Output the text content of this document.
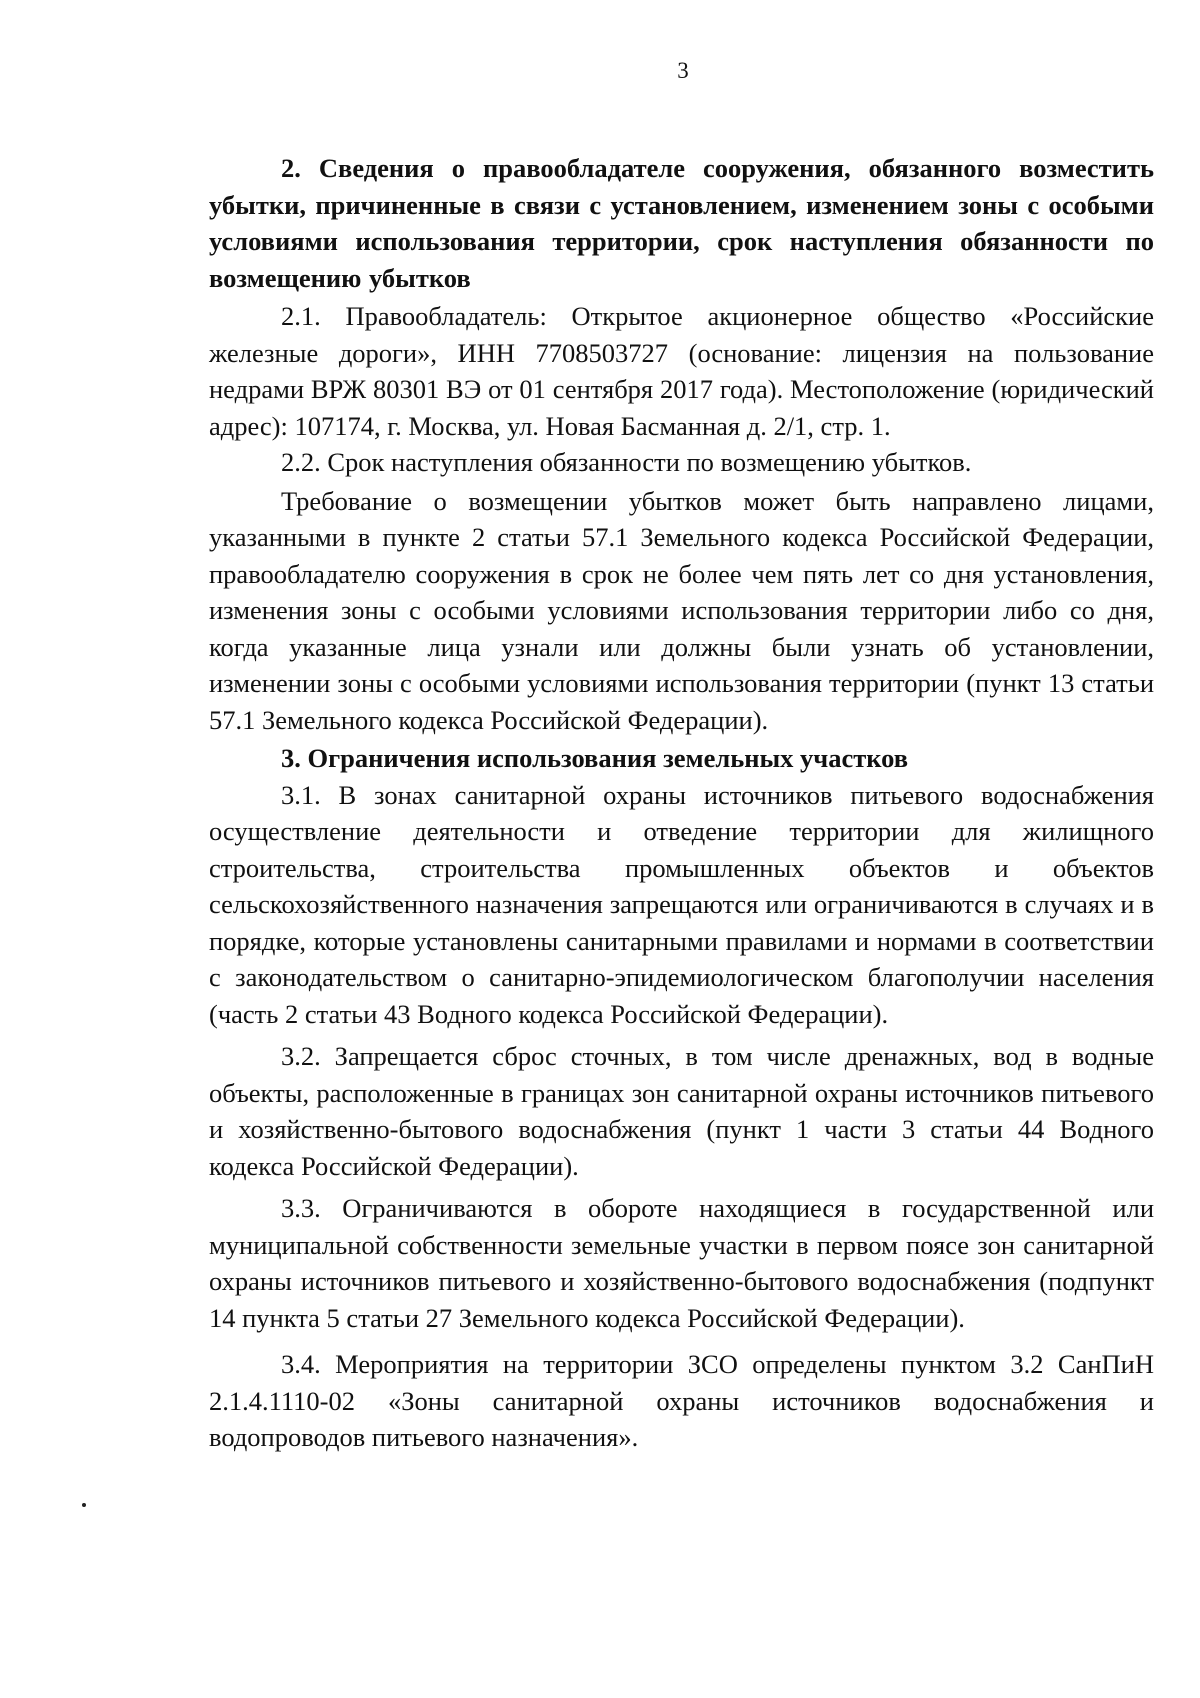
3
2. Сведения о правообладателе сооружения, обязанного возместить убытки, причиненные в связи с установлением, изменением зоны с особыми условиями использования территории, срок наступления обязанности по возмещению убытков

2.1. Правообладатель: Открытое акционерное общество «Российские железные дороги», ИНН 7708503727 (основание: лицензия на пользование недрами ВРЖ 80301 ВЭ от 01 сентября 2017 года). Местоположение (юридический адрес): 107174, г. Москва, ул. Новая Басманная д. 2/1, стр. 1.

2.2. Срок наступления обязанности по возмещению убытков.

Требование о возмещении убытков может быть направлено лицами, указанными в пункте 2 статьи 57.1 Земельного кодекса Российской Федерации, правообладателю сооружения в срок не более чем пять лет со дня установления, изменения зоны с особыми условиями использования территории либо со дня, когда указанные лица узнали или должны были узнать об установлении, изменении зоны с особыми условиями использования территории (пункт 13 статьи 57.1 Земельного кодекса Российской Федерации).

3. Ограничения использования земельных участков

3.1. В зонах санитарной охраны источников питьевого водоснабжения осуществление деятельности и отведение территории для жилищного строительства, строительства промышленных объектов и объектов сельскохозяйственного назначения запрещаются или ограничиваются в случаях и в порядке, которые установлены санитарными правилами и нормами в соответствии с законодательством о санитарно-эпидемиологическом благополучии населения (часть 2 статьи 43 Водного кодекса Российской Федерации).

3.2. Запрещается сброс сточных, в том числе дренажных, вод в водные объекты, расположенные в границах зон санитарной охраны источников питьевого и хозяйственно-бытового водоснабжения (пункт 1 части 3 статьи 44 Водного кодекса Российской Федерации).

3.3. Ограничиваются в обороте находящиеся в государственной или муниципальной собственности земельные участки в первом поясе зон санитарной охраны источников питьевого и хозяйственно-бытового водоснабжения (подпункт 14 пункта 5 статьи 27 Земельного кодекса Российской Федерации).

3.4. Мероприятия на территории ЗСО определены пунктом 3.2 СанПиН 2.1.4.1110-02 «Зоны санитарной охраны источников водоснабжения и водопроводов питьевого назначения».
